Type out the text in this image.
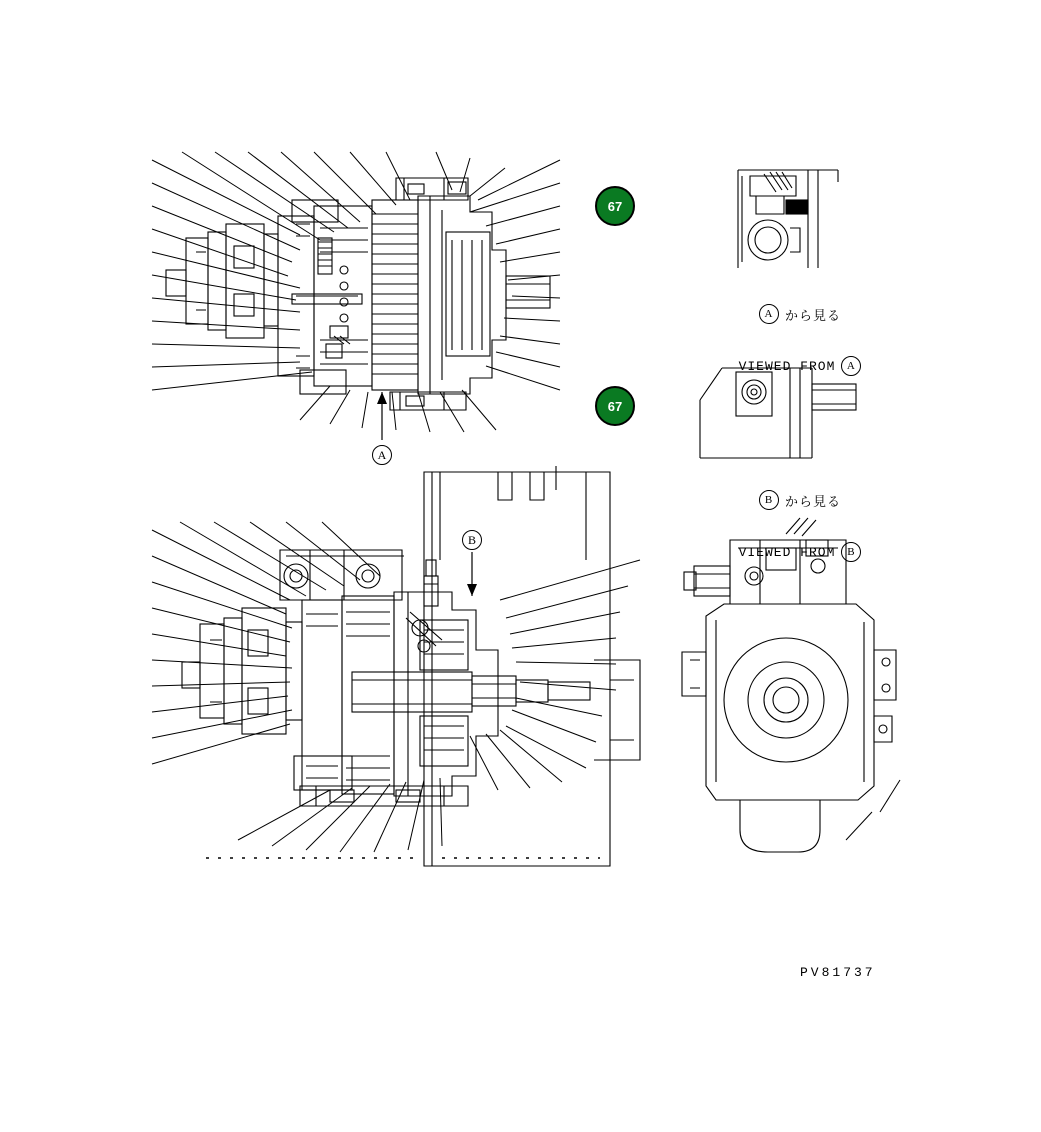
67
67
A
B

A から見る

VIEWED FROM	A

B から見る

VIEWED FROM	B

PV81737
